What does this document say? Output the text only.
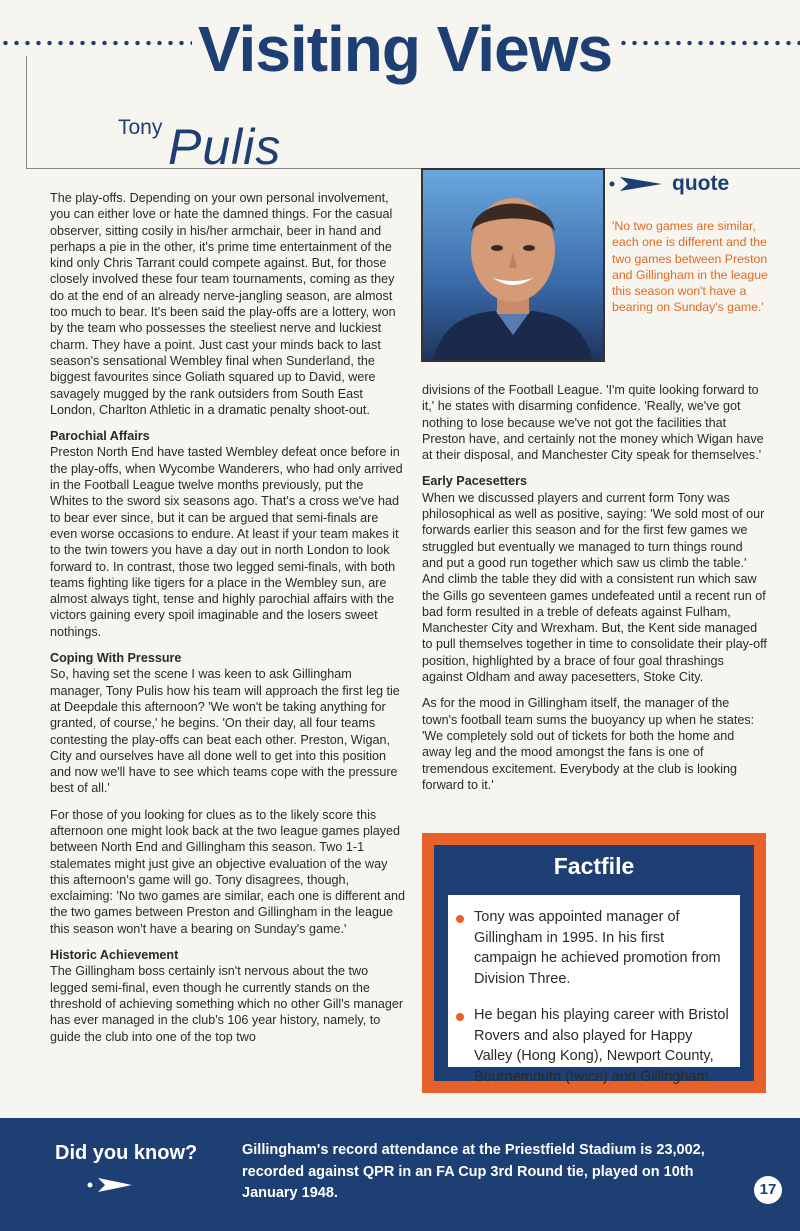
Visiting Views
Tony Pulis
quote
'No two games are similar, each one is different and the two games between Preston and Gillingham in the league this season won't have a bearing on Sunday's game.'

The play-offs. Depending on your own personal involvement, you can either love or hate the damned things. For the casual observer, sitting cosily in his/her armchair, beer in hand and perhaps a pie in the other, it's prime time entertainment of the kind only Chris Tarrant could compete against. But, for those closely involved these four team tournaments, coming as they do at the end of an already nerve-jangling season, are almost too much to bear. It's been said the play-offs are a lottery, won by the team who possesses the steeliest nerve and luckiest charm. They have a point. Just cast your minds back to last season's sensational Wembley final when Sunderland, the biggest favourites since Goliath squared up to David, were savagely mugged by the rank outsiders from South East London, Charlton Athletic in a dramatic penalty shoot-out.

Parochial Affairs

Preston North End have tasted Wembley defeat once before in the play-offs, when Wycombe Wanderers, who had only arrived in the Football League twelve months previously, put the Whites to the sword six seasons ago. That's a cross we've had to bear ever since, but it can be argued that semi-finals are even worse occasions to endure. At least if your team makes it to the twin towers you have a day out in north London to look forward to. In contrast, those two legged semi-finals, with both teams fighting like tigers for a place in the Wembley sun, are almost always tight, tense and highly parochial affairs with the victors gaining every spoil imaginable and the losers sweet nothings.

Coping With Pressure

So, having set the scene I was keen to ask Gillingham manager, Tony Pulis how his team will approach the first leg tie at Deepdale this afternoon? 'We won't be taking anything for granted, of course,' he begins. 'On their day, all four teams contesting the play-offs can beat each other. Preston, Wigan, City and ourselves have all done well to get into this position and now we'll have to see which teams cope with the pressure best of all.'

For those of you looking for clues as to the likely score this afternoon one might look back at the two league games played between North End and Gillingham this season. Two 1-1 stalemates might just give an objective evaluation of the way this afternoon's game will go. Tony disagrees, though, exclaiming: 'No two games are similar, each one is different and the two games between Preston and Gillingham in the league this season won't have a bearing on Sunday's game.'

Historic Achievement

The Gillingham boss certainly isn't nervous about the two legged semi-final, even though he currently stands on the threshold of achieving something which no other Gill's manager has ever managed in the club's 106 year history, namely, to guide the club into one of the top two

divisions of the Football League. 'I'm quite looking forward to it,' he states with disarming confidence. 'Really, we've got nothing to lose because we've not got the facilities that Preston have, and certainly not the money which Wigan have at their disposal, and Manchester City speak for themselves.'

Early Pacesetters

When we discussed players and current form Tony was philosophical as well as positive, saying: 'We sold most of our forwards earlier this season and for the first few games we struggled but eventually we managed to turn things round and put a good run together which saw us climb the table.' And climb the table they did with a consistent run which saw the Gills go seventeen games undefeated until a recent run of bad form resulted in a treble of defeats against Fulham, Manchester City and Wrexham. But, the Kent side managed to pull themselves together in time to consolidate their play-off position, highlighted by a brace of four goal thrashings against Oldham and away pacesetters, Stoke City.

As for the mood in Gillingham itself, the manager of the town's football team sums the buoyancy up when he states: 'We completely sold out of tickets for both the home and away leg and the mood amongst the fans is one of tremendous excitement. Everybody at the club is looking forward to it.'

Factfile
Tony was appointed manager of Gillingham in 1995. In his first campaign he achieved promotion from Division Three.
He began his playing career with Bristol Rovers and also played for Happy Valley (Hong Kong), Newport County, Bournemouth (twice) and Gillingham.
Did you know?	Gillingham's record attendance at the Priestfield Stadium is 23,002, recorded against QPR in an FA Cup 3rd Round tie, played on 10th January 1948.	17
